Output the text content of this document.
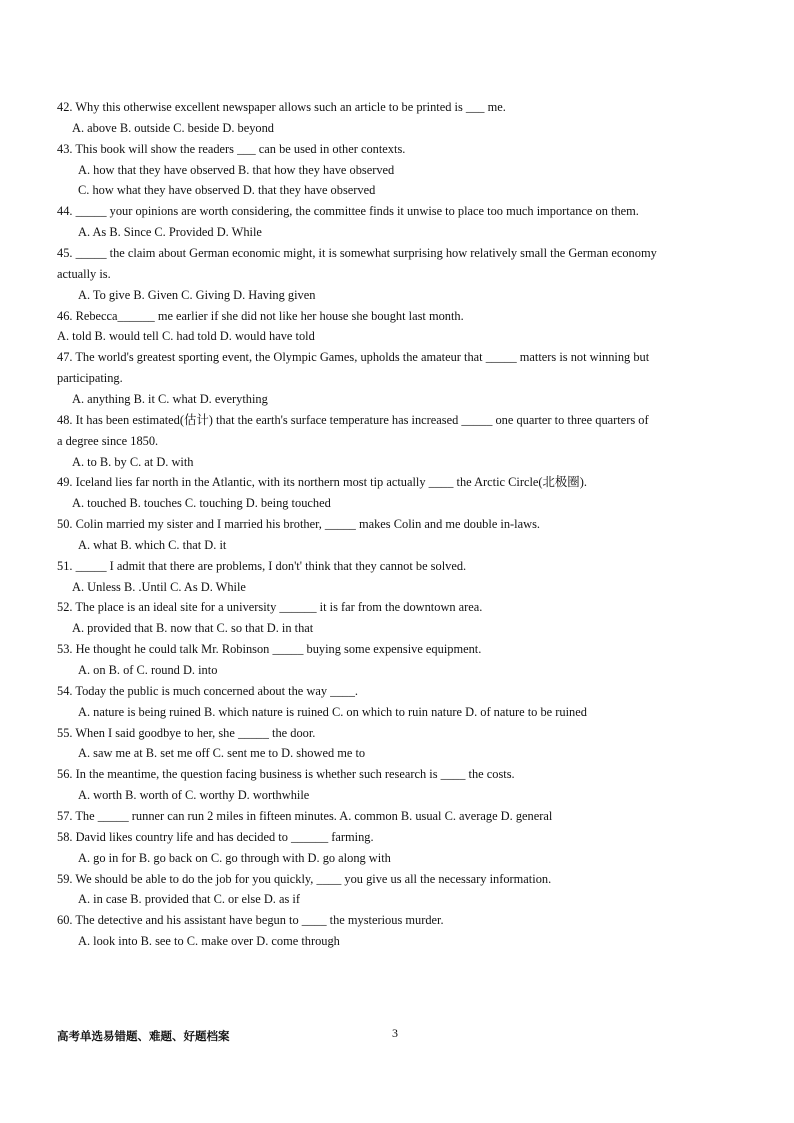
42. Why this otherwise excellent newspaper allows such an article to be printed is ___ me.
A. above B. outside C. beside D. beyond
43. This book will show the readers ___ can be used in other contexts.
A. how that they have observed B. that how they have observed
C. how what they have observed D. that they have observed
44. _____ your opinions are worth considering, the committee finds it unwise to place too much importance on them.
A. As B. Since C. Provided D. While
45. _____ the claim about German economic might, it is somewhat surprising how relatively small the German economy
actually is.
A. To give B. Given C. Giving D. Having given
46. Rebecca______ me earlier if she did not like her house she bought last month.
A. told B. would tell C. had told D. would have told
47. The world's greatest sporting event, the Olympic Games, upholds the amateur that _____ matters is not winning but
participating.
A. anything B. it C. what D. everything
48. It has been estimated(估计) that the earth's surface temperature has increased _____ one quarter to three quarters of
a degree since 1850.
A. to B. by C. at D. with
49. Iceland lies far north in the Atlantic, with its northern most tip actually ____ the Arctic Circle(北极圈).
A. touched B. touches C. touching D. being touched
50. Colin married my sister and I married his brother, _____ makes Colin and me double in-laws.
A. what B. which C. that D. it
51. _____ I admit that there are problems, I don't' think that they cannot be solved.
A. Unless B. .Until C. As D. While
52. The place is an ideal site for a university ______ it is far from the downtown area.
A. provided that B. now that C. so that D. in that
53. He thought he could talk Mr. Robinson _____ buying some expensive equipment.
A. on B. of C. round D. into
54. Today the public is much concerned about the way ____.
A. nature is being ruined B. which nature is ruined C. on which to ruin nature D. of nature to be ruined
55. When I said goodbye to her, she _____ the door.
A. saw me at B. set me off C. sent me to D. showed me to
56. In the meantime, the question facing business is whether such research is ____ the costs.
A. worth B. worth of C. worthy D. worthwhile
57. The _____ runner can run 2 miles in fifteen minutes. A. common B. usual C. average D. general
58. David likes country life and has decided to ______ farming.
A. go in for B. go back on C. go through with D. go along with
59. We should be able to do the job for you quickly, ____ you give us all the necessary information.
A. in case B. provided that C. or else D. as if
60. The detective and his assistant have begun to ____ the mysterious murder.
A. look into B. see to C. make over D. come through
高考单选易错题、难题、好题档案	3
